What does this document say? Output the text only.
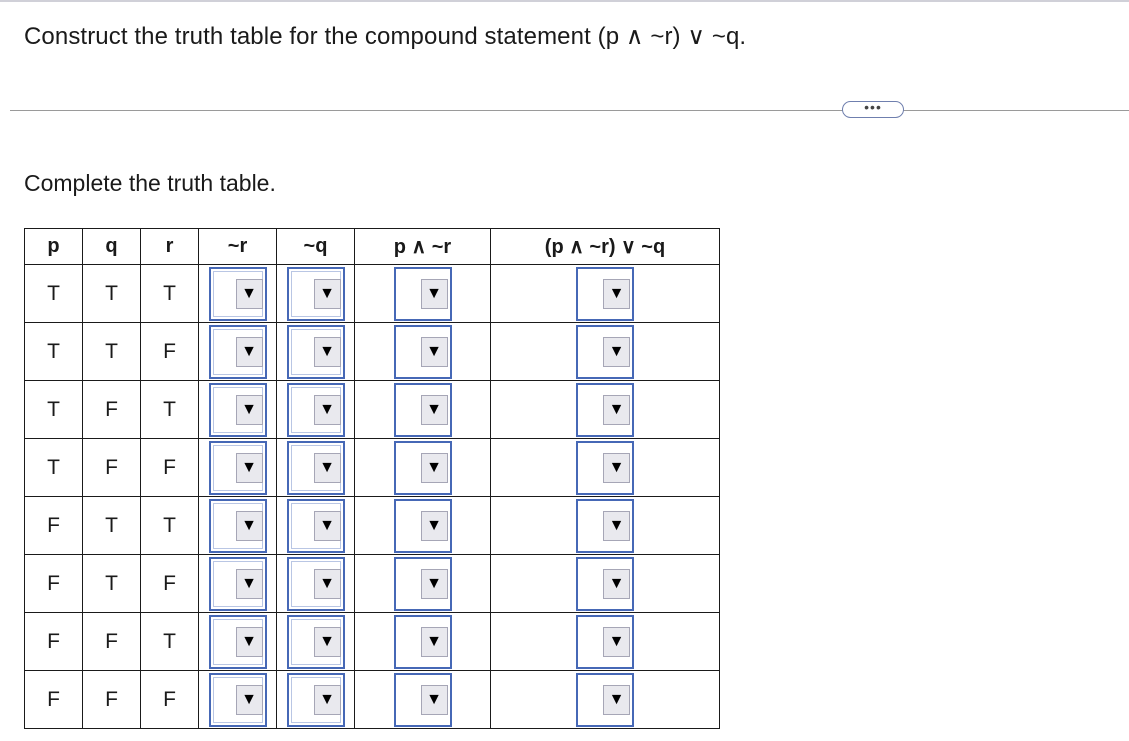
Construct the truth table for the compound statement (p ∧ ~r) ∨ ~q.
•••
Complete the truth table.
p	q	r	~r	~q	p ∧ ~r	(p ∧ ~r) ∨ ~q
T	T	T	▼	▼	▼	▼

T	T	F	▼	▼	▼	▼

T	F	T	▼	▼	▼	▼

T	F	F	▼	▼	▼	▼

F	T	T	▼	▼	▼	▼

F	T	F	▼	▼	▼	▼

F	F	T	▼	▼	▼	▼

F	F	F	▼	▼	▼	▼
